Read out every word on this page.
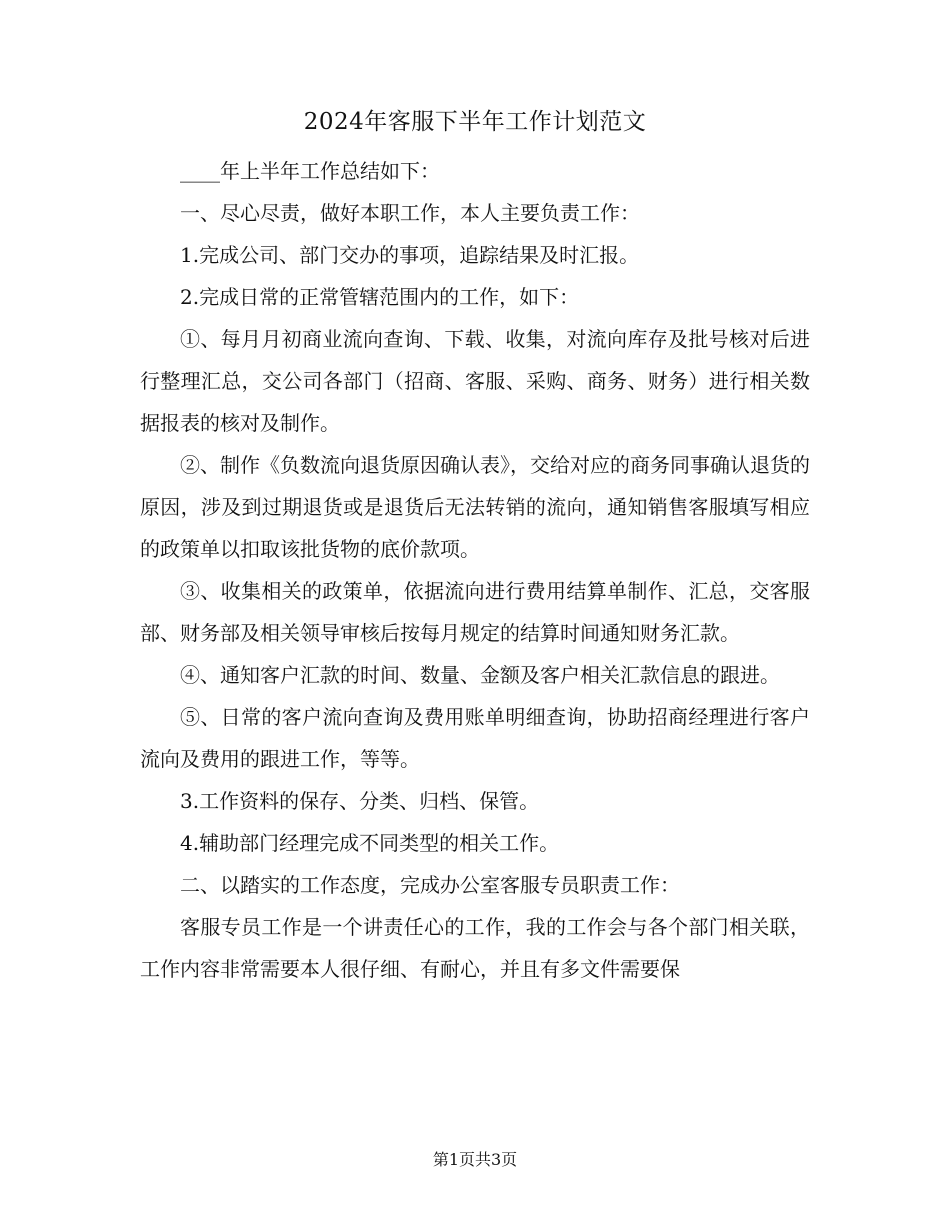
2024年客服下半年工作计划范文

____年上半年工作总结如下：

一、尽心尽责，做好本职工作，本人主要负责工作：

1.完成公司、部门交办的事项，追踪结果及时汇报。

2.完成日常的正常管辖范围内的工作，如下：

①、每月月初商业流向查询、下载、收集，对流向库存及批号核对后进行整理汇总，交公司各部门（招商、客服、采购、商务、财务）进行相关数据报表的核对及制作。

②、制作《负数流向退货原因确认表》，交给对应的商务同事确认退货的原因，涉及到过期退货或是退货后无法转销的流向，通知销售客服填写相应的政策单以扣取该批货物的底价款项。

③、收集相关的政策单，依据流向进行费用结算单制作、汇总，交客服部、财务部及相关领导审核后按每月规定的结算时间通知财务汇款。

④、通知客户汇款的时间、数量、金额及客户相关汇款信息的跟进。

⑤、日常的客户流向查询及费用账单明细查询，协助招商经理进行客户流向及费用的跟进工作，等等。

3.工作资料的保存、分类、归档、保管。

4.辅助部门经理完成不同类型的相关工作。

二、以踏实的工作态度，完成办公室客服专员职责工作：

客服专员工作是一个讲责任心的工作，我的工作会与各个部门相关联，工作内容非常需要本人很仔细、有耐心，并且有多文件需要保

第1页共3页
